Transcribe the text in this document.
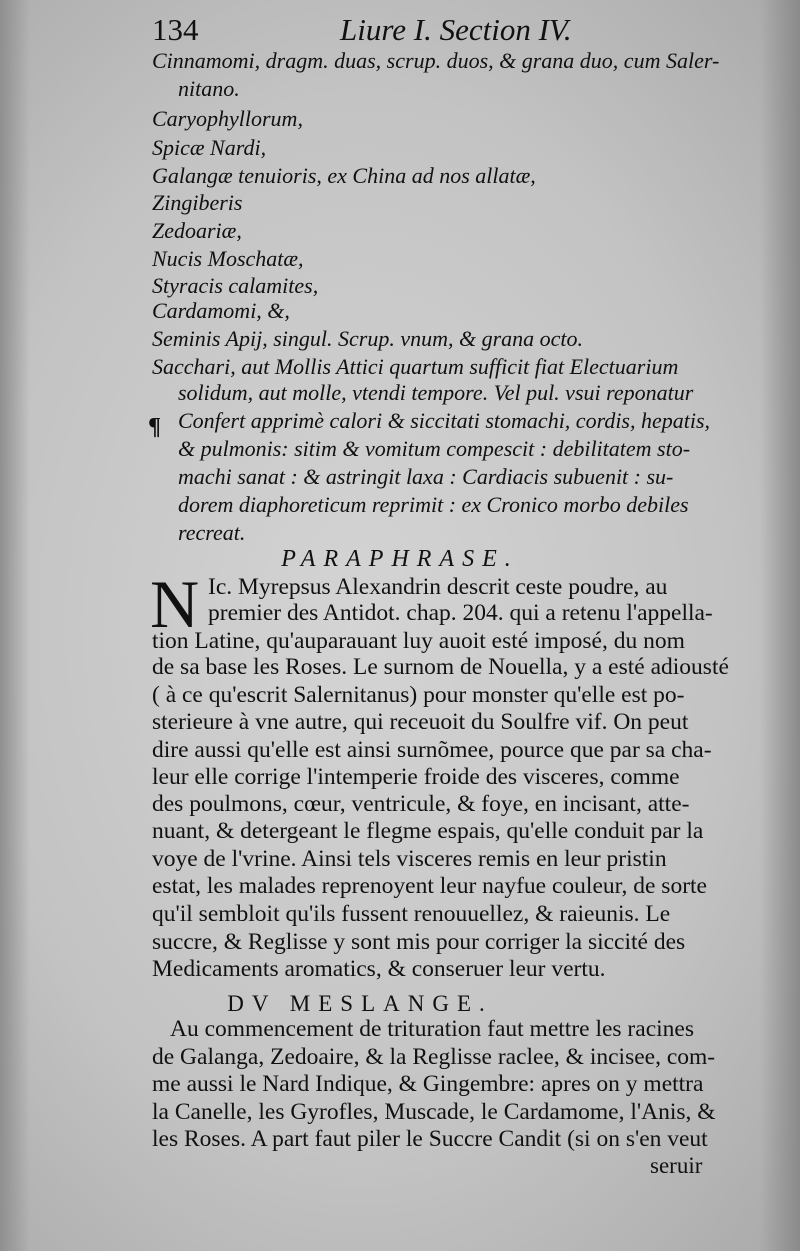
134	Liure I. Section IV.
Cinnamomi, dragm. duas, scrup. duos, & grana duo, cum Saler-
nitano.
Caryophyllorum,
Spicæ Nardi,
Galangæ tenuioris, ex China ad nos allatæ,
Zingiberis
Zedoariæ,
Nucis Moschatæ,
Styracis calamites,
Cardamomi, &,
Seminis Apij, singul. Scrup. vnum, & grana octo.
Sacchari, aut Mollis Attici quartum sufficit fiat Electuarium
solidum, aut molle, vtendi tempore. Vel pul. vsui reponatur
¶ Confert apprimè calori & siccitati stomachi, cordis, hepatis,
& pulmonis: sitim & vomitum compescit : debilitatem sto-
machi sanat : & astringit laxa : Cardiacis subuenit : su-
dorem diaphoreticum reprimit : ex Cronico morbo debiles
recreat.
PARAPHRASE.
N Ic. Myrepsus Alexandrin descrit ceste poudre, au
premier des Antidot. chap. 204. qui a retenu l'appella-
tion Latine, qu'auparauant luy auoit esté imposé, du nom
de sa base les Roses. Le surnom de Nouella, y a esté adiousté
( à ce qu'escrit Salernitanus) pour monster qu'elle est po-
sterieure à vne autre, qui receuoit du Soulfre vif. On peut
dire aussi qu'elle est ainsi surnõmee, pource que par sa cha-
leur elle corrige l'intemperie froide des visceres, comme
des poulmons, cœur, ventricule, & foye, en incisant, atte-
nuant, & detergeant le flegme espais, qu'elle conduit par la
voye de l'vrine. Ainsi tels visceres remis en leur pristin
estat, les malades reprenoyent leur nayfue couleur, de sorte
qu'il sembloit qu'ils fussent renouuellez, & raieunis. Le
succre, & Reglisse y sont mis pour corriger la siccité des
Medicaments aromatics, & conseruer leur vertu.
DV MESLANGE.
Au commencement de trituration faut mettre les racines
de Galanga, Zedoaire, & la Reglisse raclee, & incisee, com-
me aussi le Nard Indique, & Gingembre: apres on y mettra
la Canelle, les Gyrofles, Muscade, le Cardamome, l'Anis, &
les Roses. A part faut piler le Succre Candit (si on s'en veut
seruir
